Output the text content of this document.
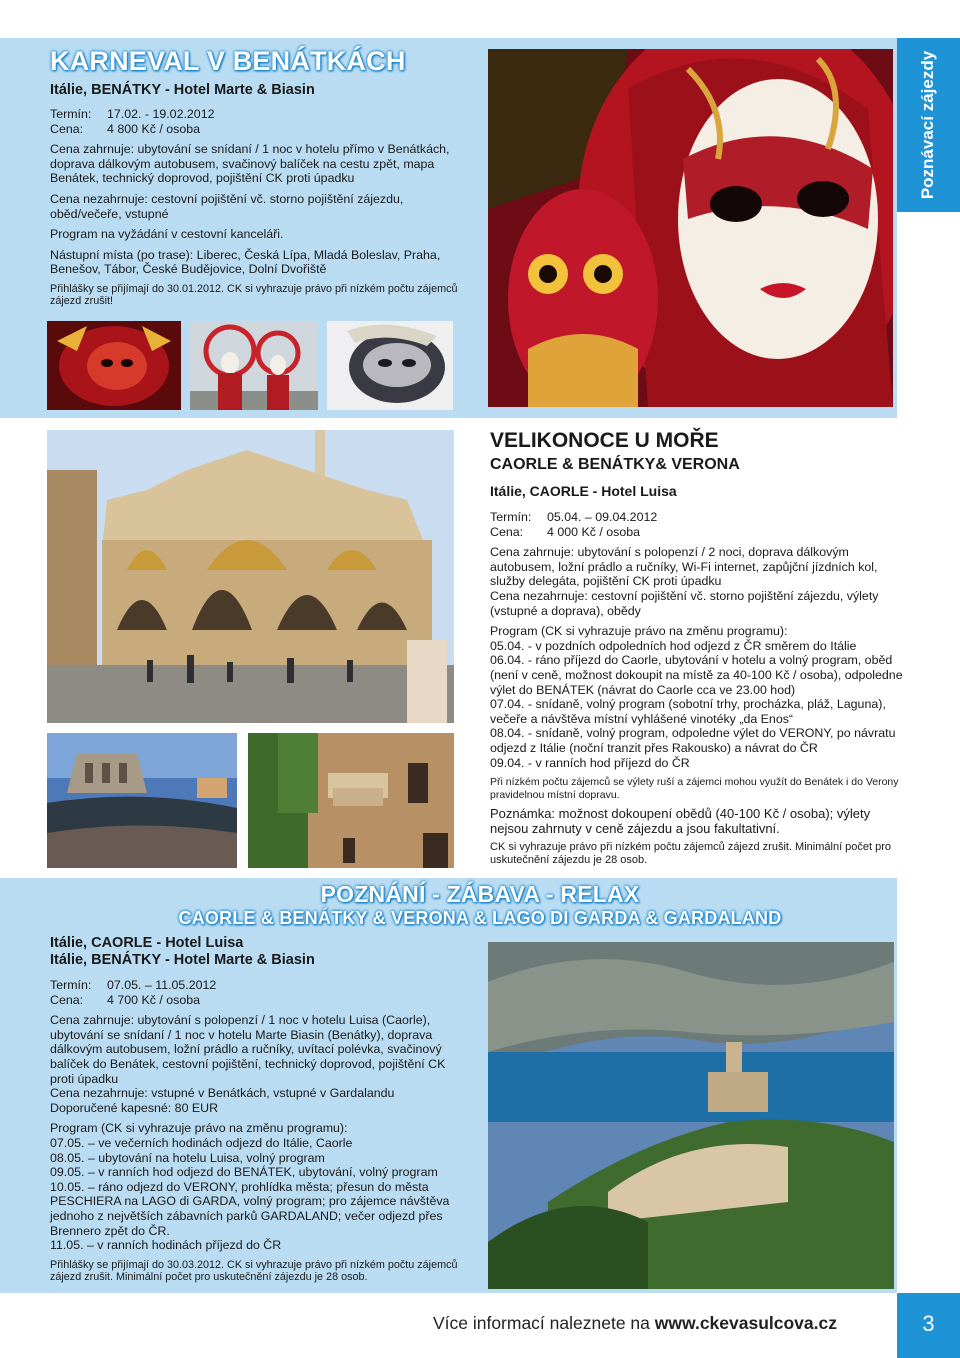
Poznávací zájezdy
KARNEVAL V BENÁTKÁCH
Itálie, BENÁTKY - Hotel Marte & Biasin

Termín: 17.02. - 19.02.2012

Cena: 4 800 Kč / osoba

Cena zahrnuje: ubytování se snídaní / 1 noc v hotelu přímo v Benátkách, doprava dálkovým autobusem, svačinový balíček na cestu zpět, mapa Benátek, technický doprovod, pojištění CK proti úpadku

Cena nezahrnuje: cestovní pojištění vč. storno pojištění zájezdu, oběd/večeře, vstupné

Program na vyžádání v cestovní kanceláři.

Nástupní místa (po trase): Liberec, Česká Lípa, Mladá Boleslav, Praha, Benešov, Tábor, České Budějovice, Dolní Dvořiště

Přihlášky se přijímají do 30.01.2012. CK si vyhrazuje právo při nízkém počtu zájemců zájezd zrušit!

VELIKONOCE U MOŘE
CAORLE & BENÁTKY& VERONA
Itálie, CAORLE - Hotel Luisa

Termín: 05.04. – 09.04.2012

Cena: 4 000 Kč / osoba

Cena zahrnuje: ubytování s polopenzí / 2 noci, doprava dálkovým autobusem, ložní prádlo a ručníky, Wi-Fi internet, zapůjční jízdních kol, služby delegáta, pojištění CK proti úpadku

Cena nezahrnuje: cestovní pojištění vč. storno pojištění zájezdu, výlety (vstupné a doprava), obědy

Program (CK si vyhrazuje právo na změnu programu):

05.04. - v pozdních odpoledních hod odjezd z ČR směrem do Itálie

06.04. - ráno příjezd do Caorle, ubytování v hotelu a volný program, oběd (není v ceně, možnost dokoupit na místě za 40-100 Kč / osoba), odpoledne výlet do BENÁTEK (návrat do Caorle cca ve 23.00 hod)

07.04. - snídaně, volný program (sobotní trhy, procházka, pláž, Laguna), večeře a návštěva místní vyhlášené vinotéky „da Enos“

08.04. - snídaně, volný program, odpoledne výlet do VERONY, po návratu odjezd z Itálie (noční tranzit přes Rakousko) a návrat do ČR

09.04. - v ranních hod příjezd do ČR

Při nízkém počtu zájemců se výlety ruší a zájemci mohou využít do Benátek i do Verony pravidelnou místní dopravu.

Poznámka: možnost dokoupení obědů (40-100 Kč / osoba); výlety nejsou zahrnuty v ceně zájezdu a jsou fakultativní.

CK si vyhrazuje právo při nízkém počtu zájemců zájezd zrušit. Minimální počet pro uskutečnění zájezdu je 28 osob.

POZNÁNÍ - ZÁBAVA - RELAX
CAORLE & BENÁTKY & VERONA & LAGO DI GARDA & GARDALAND
Itálie, CAORLE - Hotel Luisa
Itálie, BENÁTKY - Hotel Marte & Biasin

Termín: 07.05. – 11.05.2012

Cena: 4 700 Kč / osoba

Cena zahrnuje: ubytování s polopenzí / 1 noc v hotelu Luisa (Caorle), ubytování se snídaní / 1 noc v hotelu Marte Biasin (Benátky), doprava dálkovým autobusem, ložní prádlo a ručníky, uvítací polévka, svačinový balíček do Benátek, cestovní pojištění, technický doprovod, pojištění CK proti úpadku

Cena nezahrnuje: vstupné v Benátkách, vstupné v Gardalandu

Doporučené kapesné: 80 EUR

Program (CK si vyhrazuje právo na změnu programu):

07.05. – ve večerních hodinách odjezd do Itálie, Caorle

08.05. – ubytování na hotelu Luisa, volný program

09.05. – v ranních hod odjezd do BENÁTEK, ubytování, volný program

10.05. – ráno odjezd do VERONY, prohlídka města; přesun do města PESCHIERA na LAGO di GARDA, volný program; pro zájemce návštěva jednoho z největších zábavních parků GARDALAND; večer odjezd přes Brennero zpět do ČR.

11.05. – v ranních hodinách příjezd do ČR

Přihlášky se přijímají do 30.03.2012. CK si vyhrazuje právo při nízkém počtu zájemců zájezd zrušit. Minimální počet pro uskutečnění zájezdu je 28 osob.

Více informací naleznete na www.ckevasulcova.cz	3
